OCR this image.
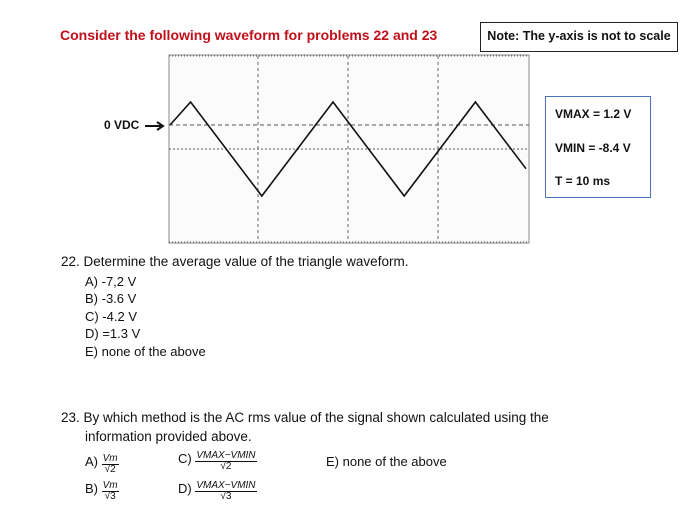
Consider the following waveform for problems 22 and 23	Note: The y-axis is not to scale
VMAX = 1.2 V
VMIN = -8.4 V
T = 10 ms
0 VDC
22. Determine the average value of the triangle waveform.
A) -7,2 V
B) -3.6 V
C) -4.2 V
D) =1.3 V
E) none of the above
23. By which method is the AC rms value of the signal shown calculated using the
information provided above.
$A) \frac{Vm}{√2}$
$B) \frac{Vm}{√3}$
$C) \frac{\text{VMAX−VMIN}}{√2}$
$D) \frac{\text{VMAX−VMIN}}{√3}$
E) none of the above
